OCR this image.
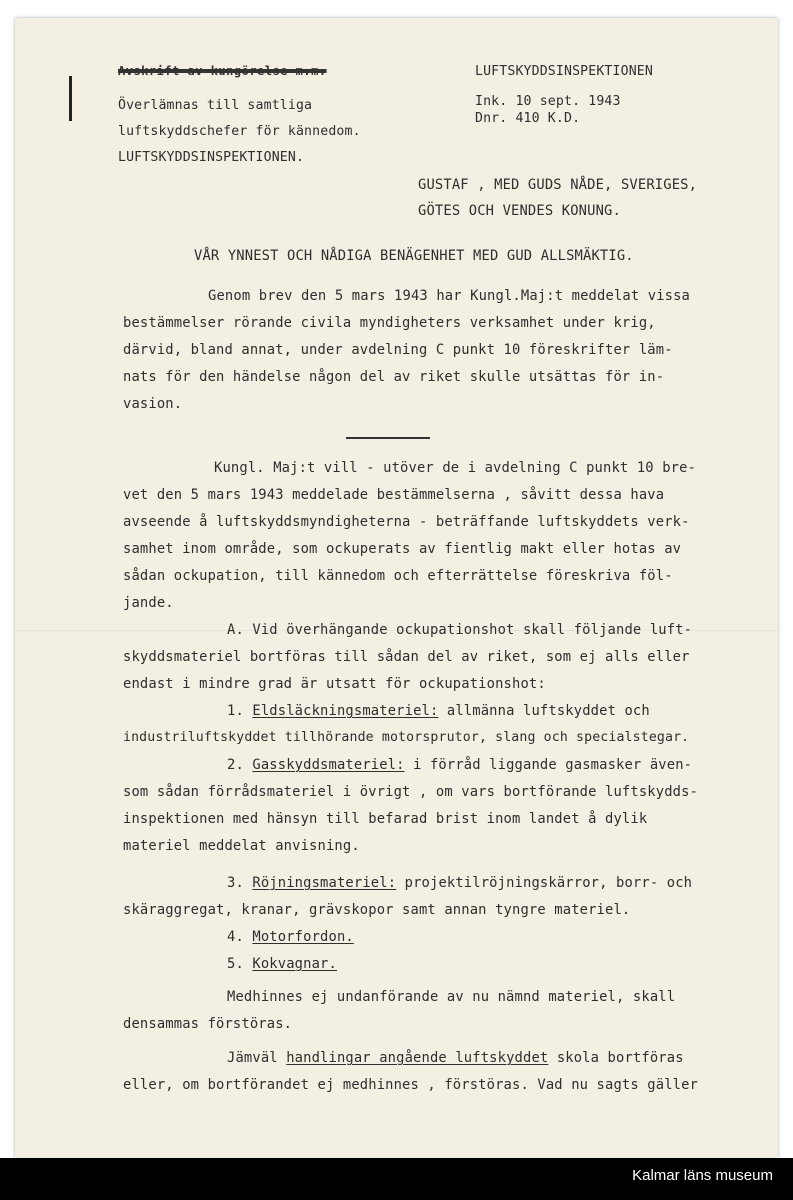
Avskrift av kungörelse m.m.
Överlämnas till samtliga
luftskyddschefer för kännedom.
LUFTSKYDDSINSPEKTIONEN.
LUFTSKYDDSINSPEKTIONEN
Ink. 10 sept. 1943
Dnr. 410 K.D.
GUSTAF , MED GUDS NÅDE, SVERIGES,
GÖTES OCH VENDES KONUNG.
VÅR YNNEST OCH NÅDIGA BENÄGENHET MED GUD ALLSMÄKTIG.
Genom brev den 5 mars 1943 har Kungl.Maj:t meddelat vissa
bestämmelser rörande civila myndigheters verksamhet under krig,
därvid, bland annat, under avdelning C punkt 10 föreskrifter läm-
nats för den händelse någon del av riket skulle utsättas för in-
vasion.
Kungl. Maj:t vill - utöver de i avdelning C punkt 10 bre-
vet den 5 mars 1943 meddelade bestämmelserna , såvitt dessa hava
avseende å luftskyddsmyndigheterna - beträffande luftskyddets verk-
samhet inom område, som ockuperats av fientlig makt eller hotas av
sådan ockupation, till kännedom och efterrättelse föreskriva föl-
jande.
A. Vid överhängande ockupationshot skall följande luft-
skyddsmateriel bortföras till sådan del av riket, som ej alls eller
endast i mindre grad är utsatt för ockupationshot:
1. Eldsläckningsmateriel: allmänna luftskyddet och
industriluftskyddet tillhörande motorsprutor, slang och specialstegar.
2. Gasskyddsmateriel: i förråd liggande gasmasker även-
som sådan förrådsmateriel i övrigt , om vars bortförande luftskydds-
inspektionen med hänsyn till befarad brist inom landet å dylik
materiel meddelat anvisning.
3. Röjningsmateriel: projektilröjningskärror, borr- och
skäraggregat, kranar, grävskopor samt annan tyngre materiel.
4. Motorfordon.
5. Kokvagnar.
Medhinnes ej undanförande av nu nämnd materiel, skall
densammas förstöras.
Jämväl handlingar angående luftskyddet skola bortföras
eller, om bortförandet ej medhinnes , förstöras. Vad nu sagts gäller
Kalmar läns museum
